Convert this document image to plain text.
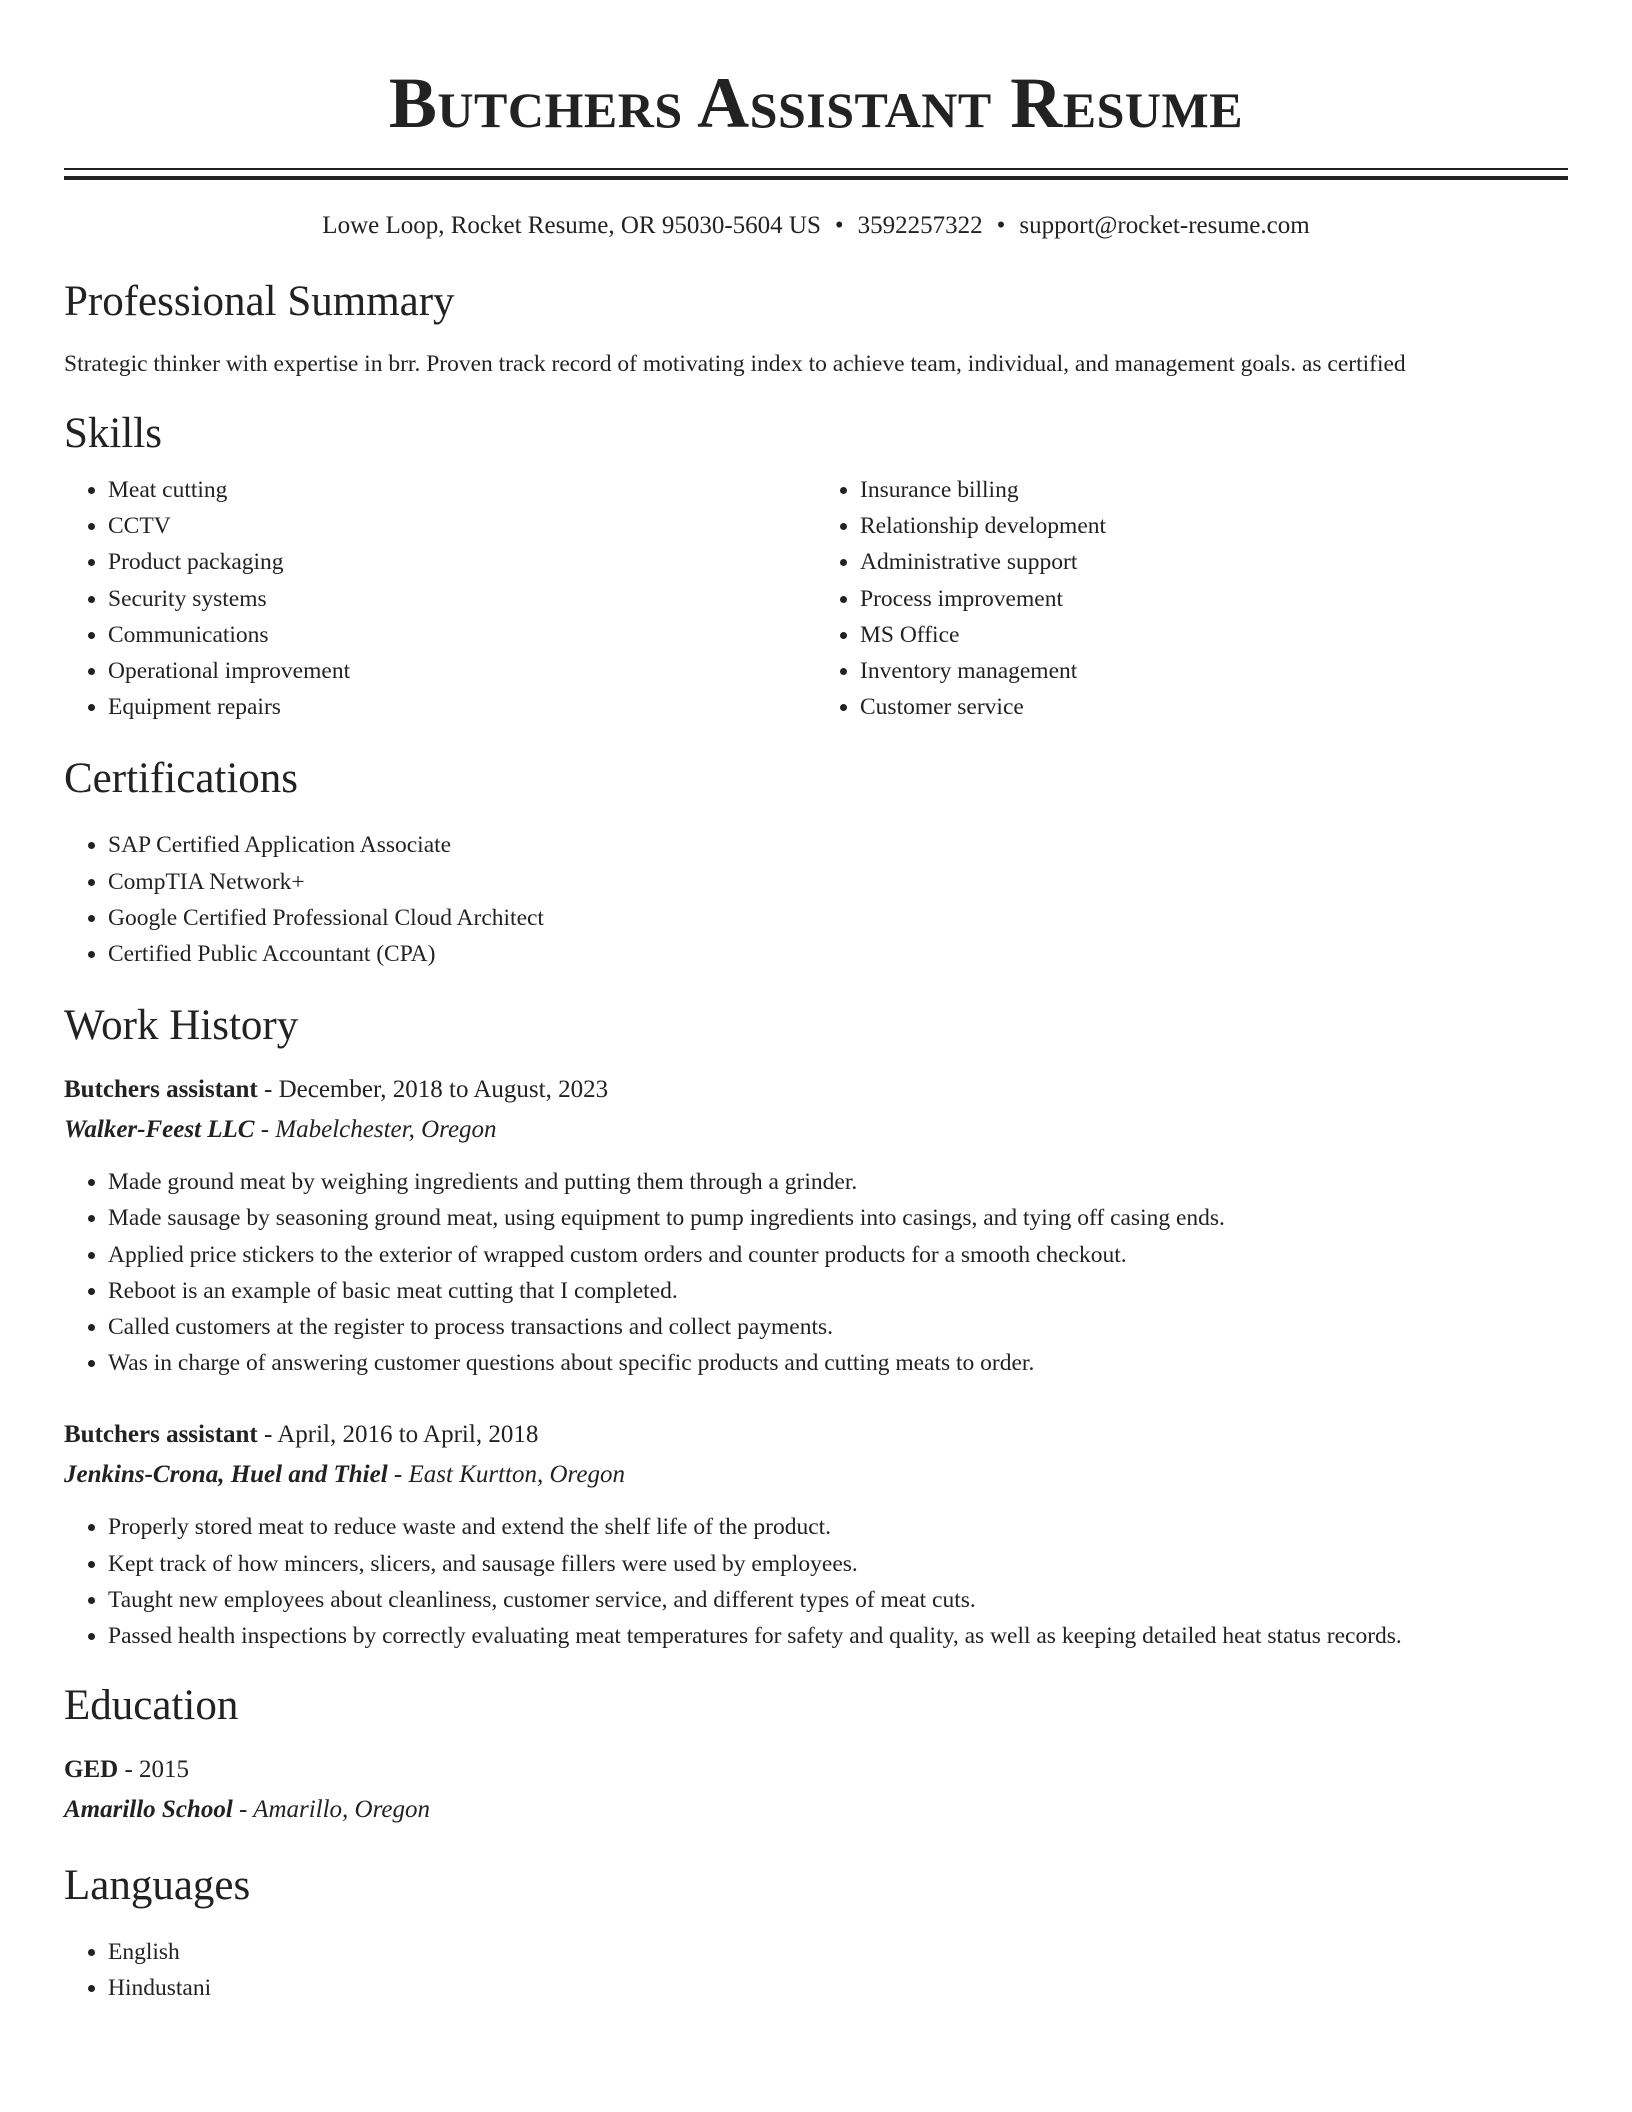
Butchers Assistant Resume
Lowe Loop, Rocket Resume, OR 95030-5604 US • 3592257322 • support@rocket-resume.com
Professional Summary

Strategic thinker with expertise in brr. Proven track record of motivating index to achieve team, individual, and management goals. as certified

Skills
• Meat cutting
• CCTV
• Product packaging
• Security systems
• Communications
• Operational improvement
• Equipment repairs
• Insurance billing
• Relationship development
• Administrative support
• Process improvement
• MS Office
• Inventory management
• Customer service
Certifications
• SAP Certified Application Associate
• CompTIA Network+
• Google Certified Professional Cloud Architect
• Certified Public Accountant (CPA)
Work History
Butchers assistant - December, 2018 to August, 2023
Walker-Feest LLC - Mabelchester, Oregon
• Made ground meat by weighing ingredients and putting them through a grinder.
• Made sausage by seasoning ground meat, using equipment to pump ingredients into casings, and tying off casing ends.
• Applied price stickers to the exterior of wrapped custom orders and counter products for a smooth checkout.
• Reboot is an example of basic meat cutting that I completed.
• Called customers at the register to process transactions and collect payments.
• Was in charge of answering customer questions about specific products and cutting meats to order.
Butchers assistant - April, 2016 to April, 2018
Jenkins-Crona, Huel and Thiel - East Kurtton, Oregon
• Properly stored meat to reduce waste and extend the shelf life of the product.
• Kept track of how mincers, slicers, and sausage fillers were used by employees.
• Taught new employees about cleanliness, customer service, and different types of meat cuts.
• Passed health inspections by correctly evaluating meat temperatures for safety and quality, as well as keeping detailed heat status records.
Education
GED - 2015
Amarillo School - Amarillo, Oregon
Languages
• English
• Hindustani
